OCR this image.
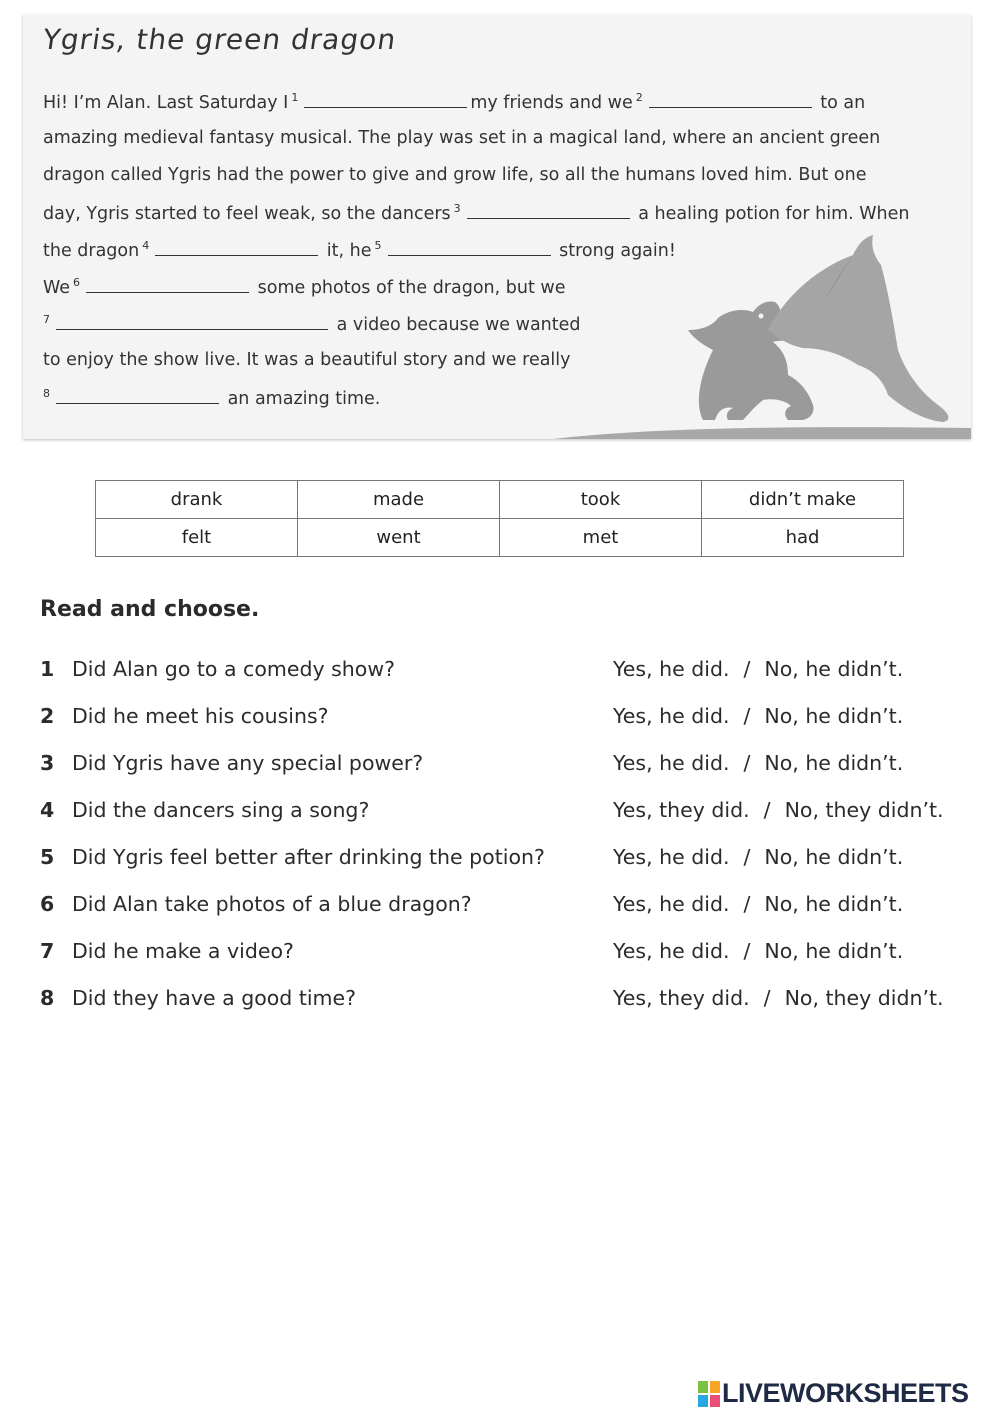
Ygris, the green dragon
Hi! I’m Alan. Last Saturday I $^1$	my friends and we $^2$	to an
amazing medieval fantasy musical. The play was set in a magical land, where an ancient green
dragon called Ygris had the power to give and grow life, so all the humans loved him. But one
day, Ygris started to feel weak, so the dancers $^3$	a healing potion for him. When
the dragon $^4$	it, he $^5$	strong again!
We $^6$	some photos of the dragon, but we
$^7$	a video because we wanted
to enjoy the show live. It was a beautiful story and we really
$^8$	an amazing time.
drank	made	took	didn’t make
felt	went	met	had
Read and choose.
1 Did Alan go to a comedy show?	Yes, he did. / No, he didn’t.
2 Did he meet his cousins?	Yes, he did. / No, he didn’t.
3 Did Ygris have any special power?	Yes, he did. / No, he didn’t.
4 Did the dancers sing a song?	Yes, they did. / No, they didn’t.
5 Did Ygris feel better after drinking the potion?	Yes, he did. / No, he didn’t.
6 Did Alan take photos of a blue dragon?	Yes, he did. / No, he didn’t.
7 Did he make a video?	Yes, he did. / No, he didn’t.
8 Did they have a good time?	Yes, they did. / No, they didn’t.
LIVEWORKSHEETS
